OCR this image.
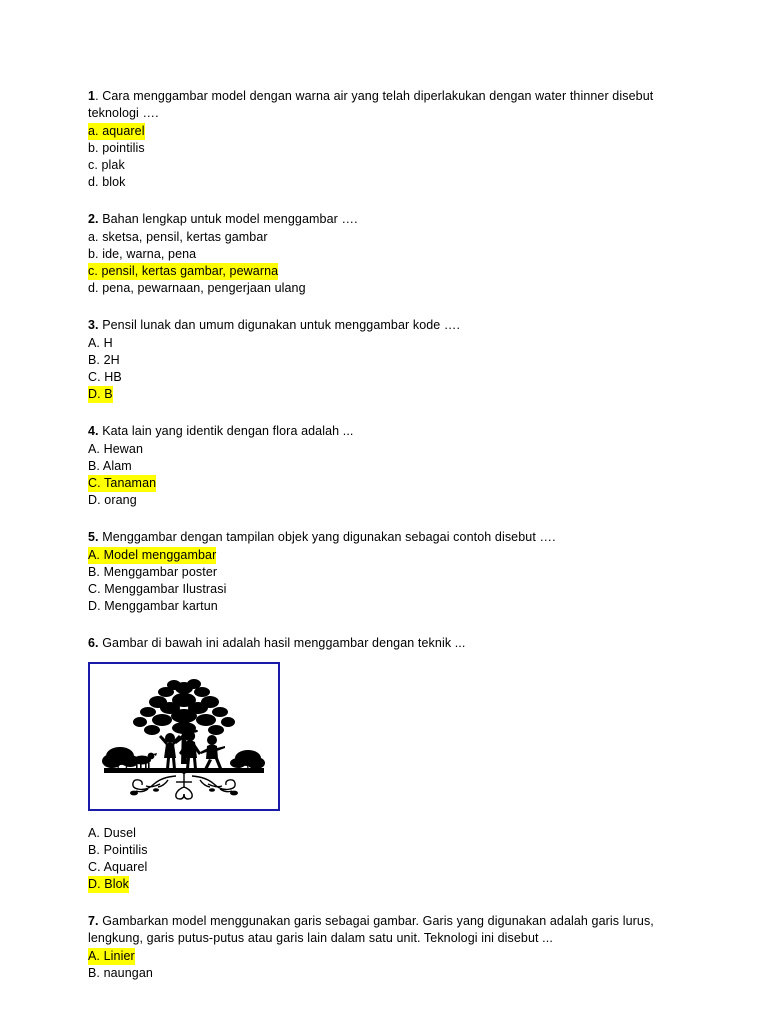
1. Cara menggambar model dengan warna air yang telah diperlakukan dengan water thinner disebut teknologi ….

a. aquarel

b. pointilis

c. plak

d. blok

2. Bahan lengkap untuk model menggambar ….

a. sketsa, pensil, kertas gambar

b. ide, warna, pena

c. pensil, kertas gambar, pewarna

d. pena, pewarnaan, pengerjaan ulang

3. Pensil lunak dan umum digunakan untuk menggambar kode ….

A. H

B. 2H

C. HB

D. B

4. Kata lain yang identik dengan flora adalah ...

A. Hewan

B. Alam

C. Tanaman

D. orang

5. Menggambar dengan tampilan objek yang digunakan sebagai contoh disebut ….

A. Model menggambar

B. Menggambar poster

C. Menggambar Ilustrasi

D. Menggambar kartun

6. Gambar di bawah ini adalah hasil menggambar dengan teknik ...

A. Dusel

B. Pointilis

C. Aquarel

D. Blok

7. Gambarkan model menggunakan garis sebagai gambar. Garis yang digunakan adalah garis lurus, lengkung, garis putus-putus atau garis lain dalam satu unit. Teknologi ini disebut ...

A. Linier

B. naungan
